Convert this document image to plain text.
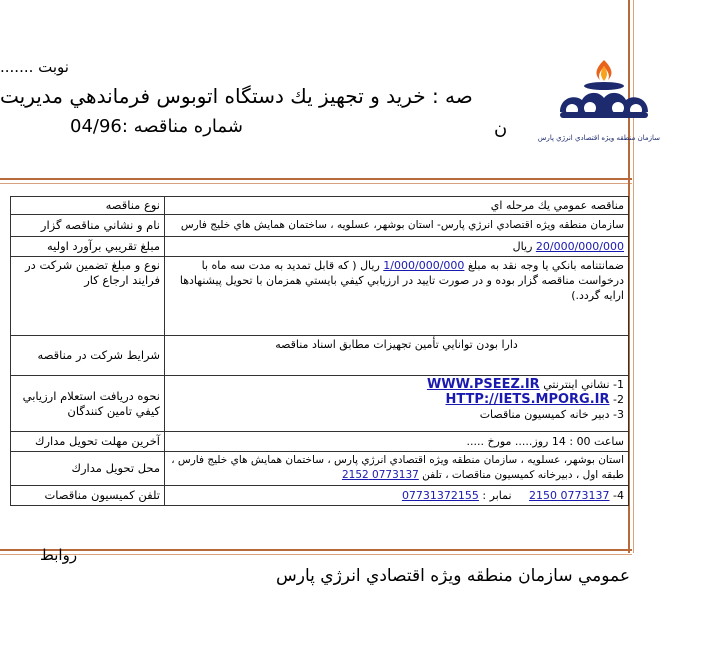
نوبت .......
صه : خريد و تجهيز يك دستگاه اتوبوس فرماندهي مديريت
ن
شماره مناقصه :04/96
سازمان منطقه ويژه اقتصادي انرژي پارس
مناقصه عمومي يك مرحله اي	نوع مناقصه
سازمان منطقه ويژه اقتصادي انرژي پارس- استان بوشهر، عسلويه ، ساختمان همايش هاي خليج فارس	نام و نشاني مناقصه گزار
20/000/000/000 ريال	مبلغ تقريبي برآورد اوليه
ضمانتنامه بانكي يا وجه نقد به مبلغ 1/000/000/000 ريال ( كه قابل تمديد به مدت سه ماه با درخواست مناقصه گزار بوده و در صورت تاييد در ارزيابي كيفي بايستي همزمان با تحويل پيشنهادها ارايه گردد.)	نوع و مبلغ تضمين شركت در فرايند ارجاع كار
دارا بودن توانايي تأمين تجهيزات مطابق اسناد مناقصه	شرايط شركت در مناقصه

1- نشاني اينترنتي WWW.PSEEZ.IR
2- HTTP://IETS.MPORG.IR
3- دبير خانه كميسيون مناقصات	نحوه دريافت استعلام ارزيابي كيفي تامين كنندگان
ساعت 00 : 14 روز..... مورخ .....	آخرين مهلت تحويل مدارك
استان بوشهر، عسلويه ، سازمان منطقه ويژه اقتصادي انرژي پارس ، ساختمان همايش هاي خليج فارس ، طبقه اول ، دبيرخانه كميسيون مناقصات ، تلفن 0773137 2152	محل تحويل مدارك
4- 0773137 2150     نمابر : 07731372155	تلفن كميسيون مناقصات
روابط
عمومي سازمان منطقه ويژه اقتصادي انرژي پارس
